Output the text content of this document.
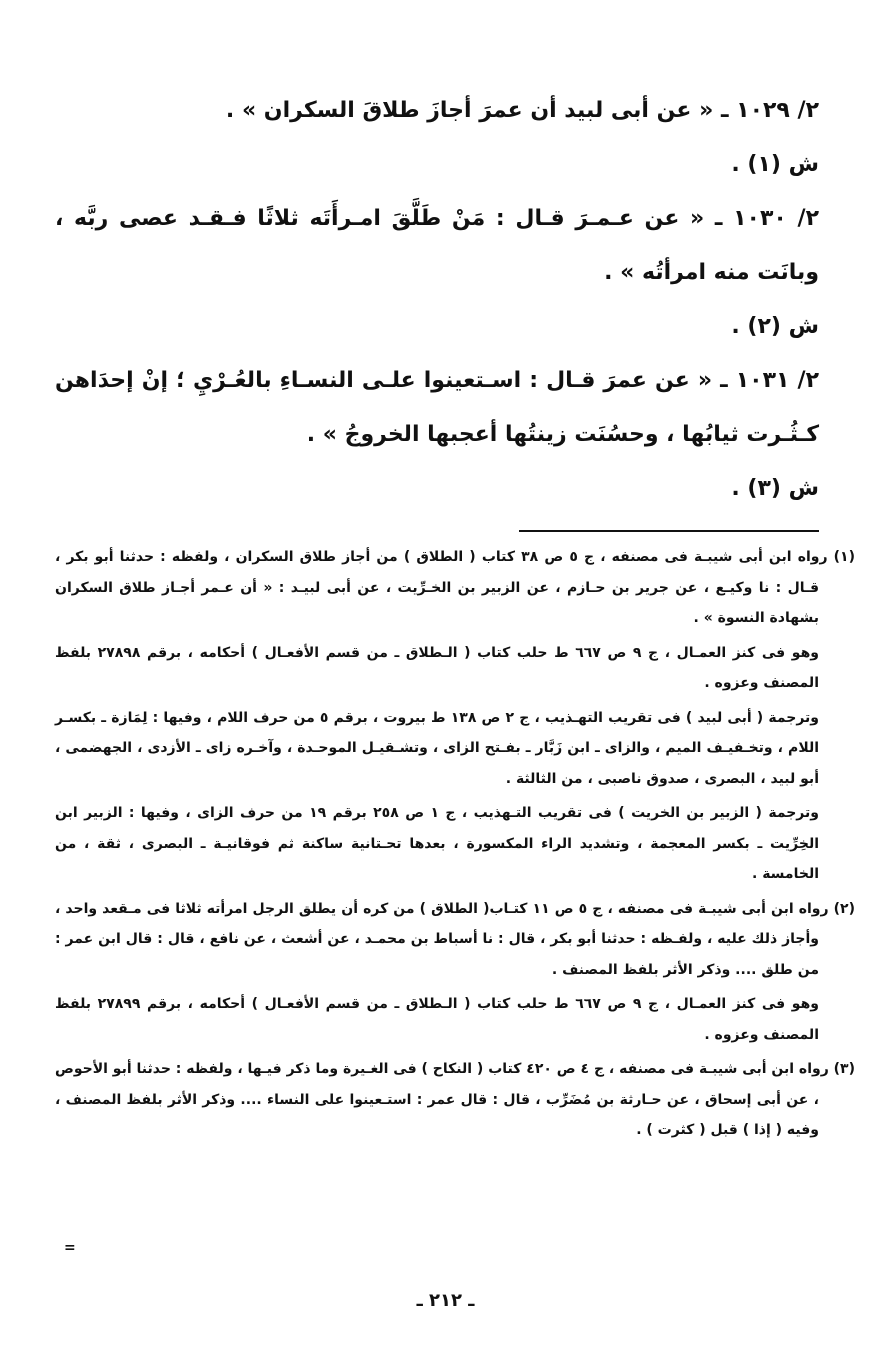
٢/ ١٠٢٩ ـ « عن أبى لبيد أن عمرَ أجازَ طلاقَ السكران » .

ش (١) .

٢/ ١٠٣٠ ـ « عن عـمـرَ قـال : مَنْ طَلَّقَ امـرأَتَه ثلاثًا فـقـد عصى ربَّه ، وبانَت منه امرأتُه » .

ش (٢) .

٢/ ١٠٣١ ـ « عن عمرَ قـال : اسـتعينوا علـى النسـاءِ بالعُـرْيِ ؛ إنْ إحدَاهن كـثُـرت ثيابُها ، وحسُنَت زينتُها أعجبها الخروجُ » .

ش (٣) .

(١) رواه ابن أبى شيبـة فى مصنفه ، ج ٥ ص ٣٨ كتاب ( الطلاق ) من أجاز طلاق السكران ، ولفظه : حدثنا أبو بكر ، قـال : نا وكيـع ، عن جرير بن حـازم ، عن الزبير بن الخـرِّيت ، عن أبى لبيـد : « أن عـمر أجـاز طلاق السكران بشهادة النسوة » .

وهو فى كنز العمـال ، ج ٩ ص ٦٦٧ ط حلب كتاب ( الـطلاق ـ من قسم الأفعـال ) أحكامه ، برقم ٢٧٨٩٨ بلفظ المصنف وعزوه .

وترجمة ( أبى لبيد ) فى تقريب التهـذيب ، ج ٢ ص ١٣٨ ط بيروت ، برقم ٥ من حرف اللام ، وفيها : لِمَازة ـ بكسـر اللام ، وتخـفيـف الميم ، والزاى ـ ابن زَبَّار ـ بفـتح الزاى ، وتشـقيـل الموحـدة ، وآخـره زاى ـ الأزدى ، الجهضمى ، أبو لبيد ، البصرى ، صدوق ناصبى ، من الثالثة .

وترجمة ( الزبير بن الخريت ) فى تقريب التـهذيب ، ج ١ ص ٢٥٨ برقم ١٩ من حرف الزاى ، وفيها : الزبير ابن الخِرِّيت ـ بكسر المعجمة ، وتشديد الراء المكسورة ، بعدها تحـتانية ساكنة ثم فوقانيـة ـ البصرى ، ثقة ، من الخامسة .

(٢) رواه ابن أبى شيبـة فى مصنفه ، ج ٥ ص ١١ كتـاب( الطلاق ) من كره أن يطلق الرجل امرأته ثلاثا فى مـقعد واحد ، وأجاز ذلك عليه ، ولفـظه : حدثنا أبو بكر ، قال : نا أسباط بن محمـد ، عن أشعث ، عن نافع ، قال : قال ابن عمر : من طلق .... وذكر الأثر بلفظ المصنف .

وهو فى كنز العمـال ، ج ٩ ص ٦٦٧ ط حلب كتاب ( الـطلاق ـ من قسم الأفعـال ) أحكامه ، برقم ٢٧٨٩٩ بلفظ المصنف وعزوه .

(٣) رواه ابن أبى شيبـة فى مصنفه ، ج ٤ ص ٤٢٠ كتاب ( النكاح ) فى الغـيرة وما ذكر فيـها ، ولفظه : حدثنا أبو الأحوص ، عن أبى إسحاق ، عن حـارثة بن مُضَرِّب ، قال : قال عمر : استـعينوا على النساء .... وذكر الأثر بلفظ المصنف ، وفيه ( إذا ) قبل ( كثرت ) .

=
ـ ٢١٢ ـ
